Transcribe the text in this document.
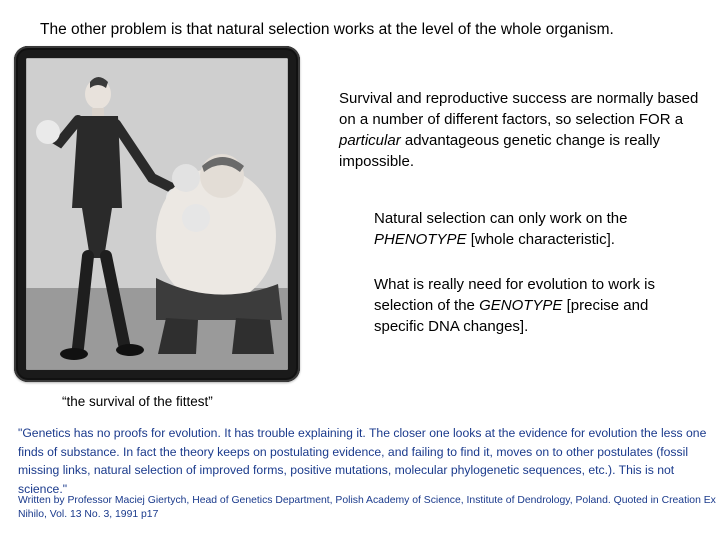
The other problem is that natural selection works at the level of the whole organism.
Survival and reproductive success are normally based on a number of different factors, so selection FOR a particular advantageous genetic change is really impossible.
Natural selection can only work on the PHENOTYPE [whole characteristic].
What is really need for evolution to work is selection of the GENOTYPE [precise and specific DNA changes].
“the survival of the fittest”
"Genetics has no proofs for evolution. It has trouble explaining it. The closer one looks at the evidence for evolution the less one finds of substance. In fact the theory keeps on postulating evidence, and failing to find it, moves on to other postulates (fossil missing links, natural selection of improved forms, positive mutations, molecular phylogenetic sequences, etc.). This is not science."
Written by Professor Maciej Giertych, Head of Genetics Department, Polish Academy of Science, Institute of Dendrology, Poland. Quoted in Creation Ex Nihilo, Vol. 13 No. 3, 1991 p17
